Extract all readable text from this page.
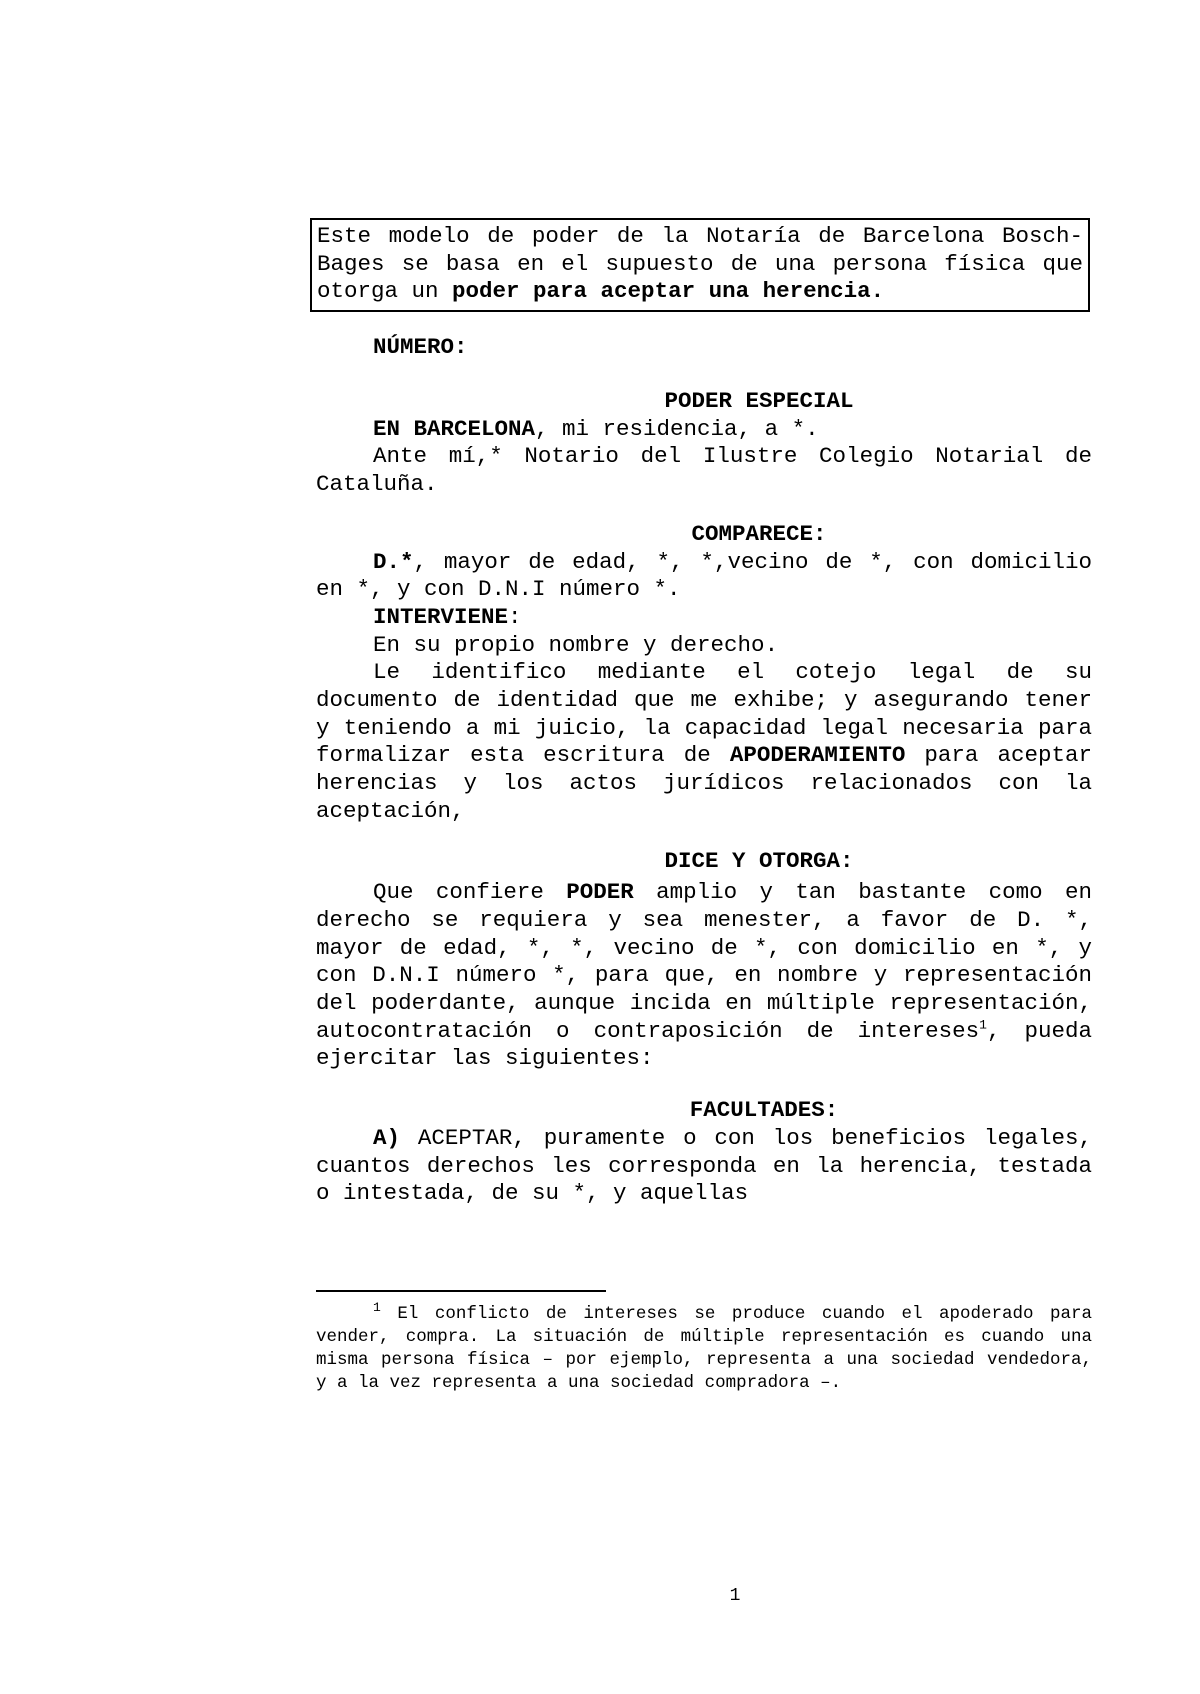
Este modelo de poder de la Notaría de Barcelona Bosch-Bages se basa en el supuesto de una persona física que otorga un poder para aceptar una herencia.

NÚMERO:

PODER ESPECIAL

EN BARCELONA, mi residencia, a *.

Ante mí,* Notario del Ilustre Colegio Notarial de Cataluña.

COMPARECE:

D.*, mayor de edad, *, *,vecino de *, con domicilio en *, y con D.N.I número *.

INTERVIENE:

En su propio nombre y derecho.

Le identifico mediante el cotejo legal de su documento de identidad que me exhibe; y asegurando tener y teniendo a mi juicio, la capacidad legal necesaria para formalizar esta escritura de APODERAMIENTO para aceptar herencias y los actos jurídicos relacionados con la aceptación,

DICE Y OTORGA:

Que confiere PODER amplio y tan bastante como en derecho se requiera y sea menester, a favor de D. *, mayor de edad, *, *, vecino de *, con domicilio en *, y con D.N.I número *, para que, en nombre y representación del poderdante, aunque incida en múltiple representación, autocontratación o contraposición de intereses$^1$, pueda ejercitar las siguientes:

FACULTADES:

A) ACEPTAR, puramente o con los beneficios legales, cuantos derechos les corresponda en la herencia, testada o intestada, de su *, y aquellas

$^1$ El conflicto de intereses se produce cuando el apoderado para vender, compra. La situación de múltiple representación es cuando una misma persona física – por ejemplo, representa a una sociedad vendedora, y a la vez representa a una sociedad compradora –.

1
